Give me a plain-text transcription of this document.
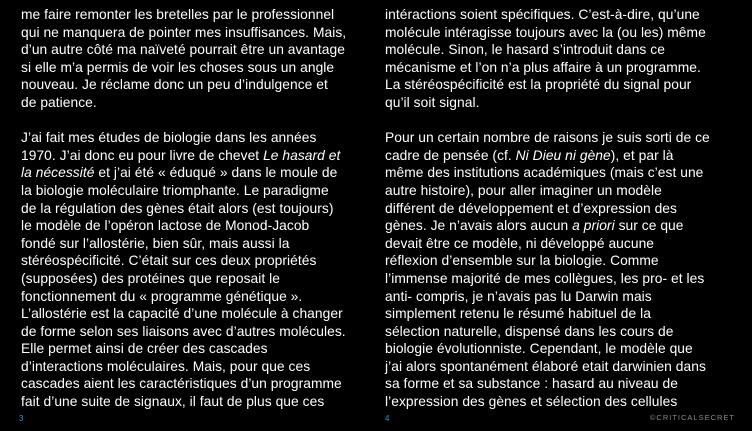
me faire remonter les bretelles par le professionnel
qui ne manquera de pointer mes insuffisances. Mais,
d’un autre côté ma naïveté pourrait être un avantage
si elle m’a permis de voir les choses sous un angle
nouveau. Je réclame donc un peu d’indulgence et
de patience.

J’ai fait mes études de biologie dans les années
1970. J’ai donc eu pour livre de chevet Le hasard et
la nécessité et j’ai été « éduqué » dans le moule de
la biologie moléculaire triomphante. Le paradigme
de la régulation des gènes était alors (est toujours)
le modèle de l’opéron lactose de Monod-Jacob
fondé sur l’allostérie, bien sûr, mais aussi la
stéréospécificité. C’était sur ces deux propriétés
(supposées) des protéines que reposait le
fonctionnement du « programme génétique ».
L’allostérie est la capacité d’une molécule à changer
de forme selon ses liaisons avec d’autres molécules.
Elle permet ainsi de créer des cascades
d’interactions moléculaires. Mais, pour que ces
cascades aient les caractéristiques d’un programme
fait d’une suite de signaux, il faut de plus que ces

intéractions soient spécifiques. C’est-à-dire, qu’une
molécule intéragisse toujours avec la (ou les) même
molécule. Sinon, le hasard s’introduit dans ce
mécanisme et l’on n’a plus affaire à un programme.
La stéréospécificité est la propriété du signal pour
qu’il soit signal.

Pour un certain nombre de raisons je suis sorti de ce
cadre de pensée (cf. Ni Dieu ni gène), et par là
même des institutions académiques (mais c’est une
autre histoire), pour aller imaginer un modèle
différent de développement et d’expression des
gènes. Je n’avais alors aucun a priori sur ce que
devait être ce modèle, ni développé aucune
réflexion d’ensemble sur la biologie. Comme
l’immense majorité de mes collègues, les pro- et les
anti- compris, je n’avais pas lu Darwin mais
simplement retenu le résumé habituel de la
sélection naturelle, dispensé dans les cours de
biologie évolutionniste. Cependant, le modèle que
j’ai alors spontanément élaboré etait darwinien dans
sa forme et sa substance : hasard au niveau de
l’expression des gènes et sélection des cellules

3	4	©CRITICALSECRET
